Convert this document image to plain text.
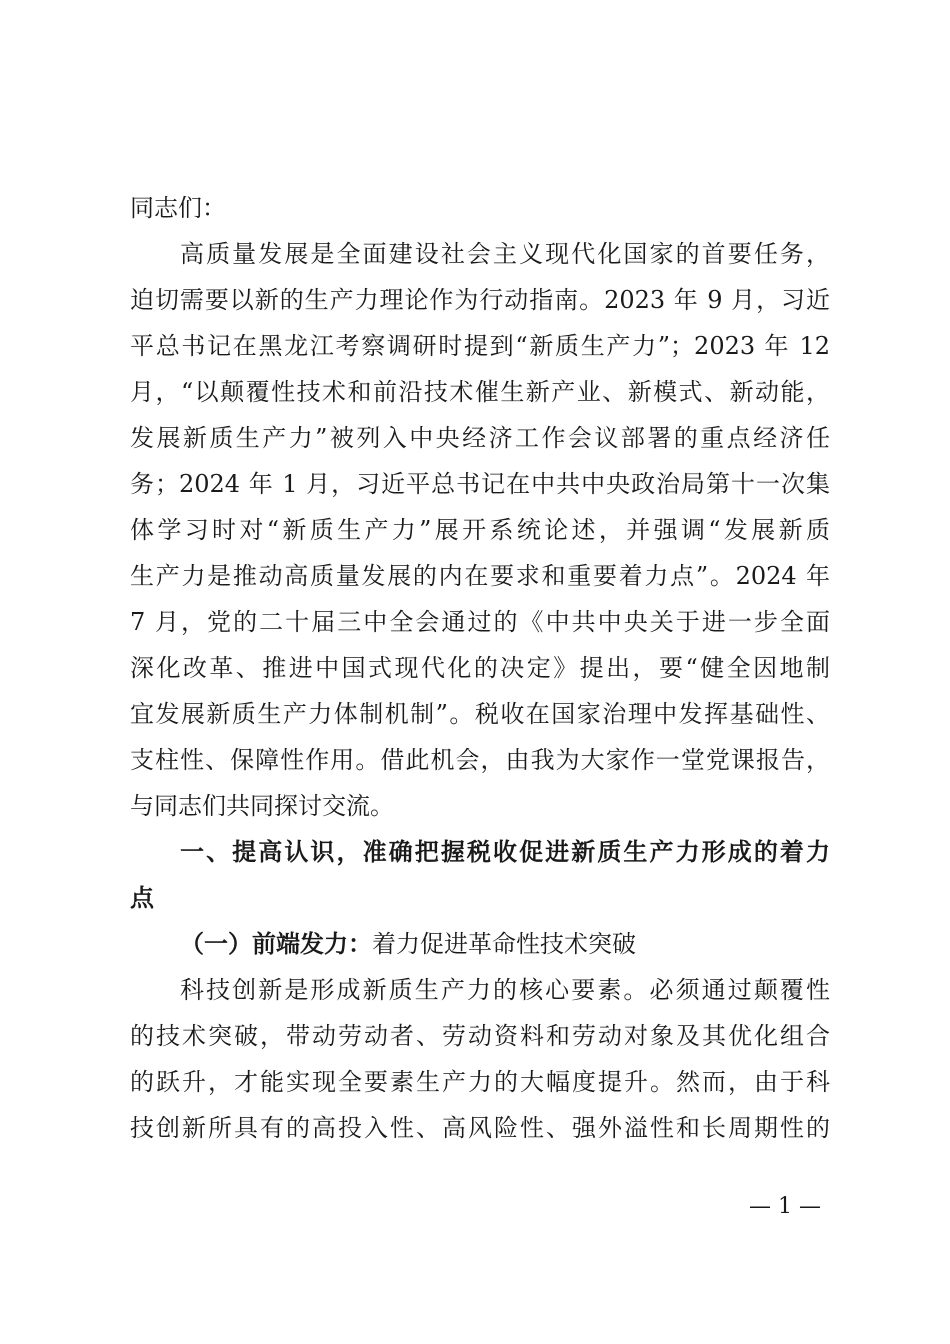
同志们：
高质量发展是全面建设社会主义现代化国家的首要任务，
迫切需要以新的生产力理论作为行动指南。2023 年 9 月，习近
平总书记在黑龙江考察调研时提到“新质生产力”；2023 年 12
月，“以颠覆性技术和前沿技术催生新产业、新模式、新动能，
发展新质生产力”被列入中央经济工作会议部署的重点经济任
务；2024 年 1 月，习近平总书记在中共中央政治局第十一次集
体学习时对“新质生产力”展开系统论述，并强调“发展新质
生产力是推动高质量发展的内在要求和重要着力点”。2024 年
7 月，党的二十届三中全会通过的《中共中央关于进一步全面
深化改革、推进中国式现代化的决定》提出，要“健全因地制
宜发展新质生产力体制机制”。税收在国家治理中发挥基础性、
支柱性、保障性作用。借此机会，由我为大家作一堂党课报告，
与同志们共同探讨交流。
一、提高认识，准确把握税收促进新质生产力形成的着力
点
（一）前端发力：着力促进革命性技术突破
科技创新是形成新质生产力的核心要素。必须通过颠覆性
的技术突破，带动劳动者、劳动资料和劳动对象及其优化组合
的跃升，才能实现全要素生产力的大幅度提升。然而，由于科
技创新所具有的高投入性、高风险性、强外溢性和长周期性的
— 1 —
